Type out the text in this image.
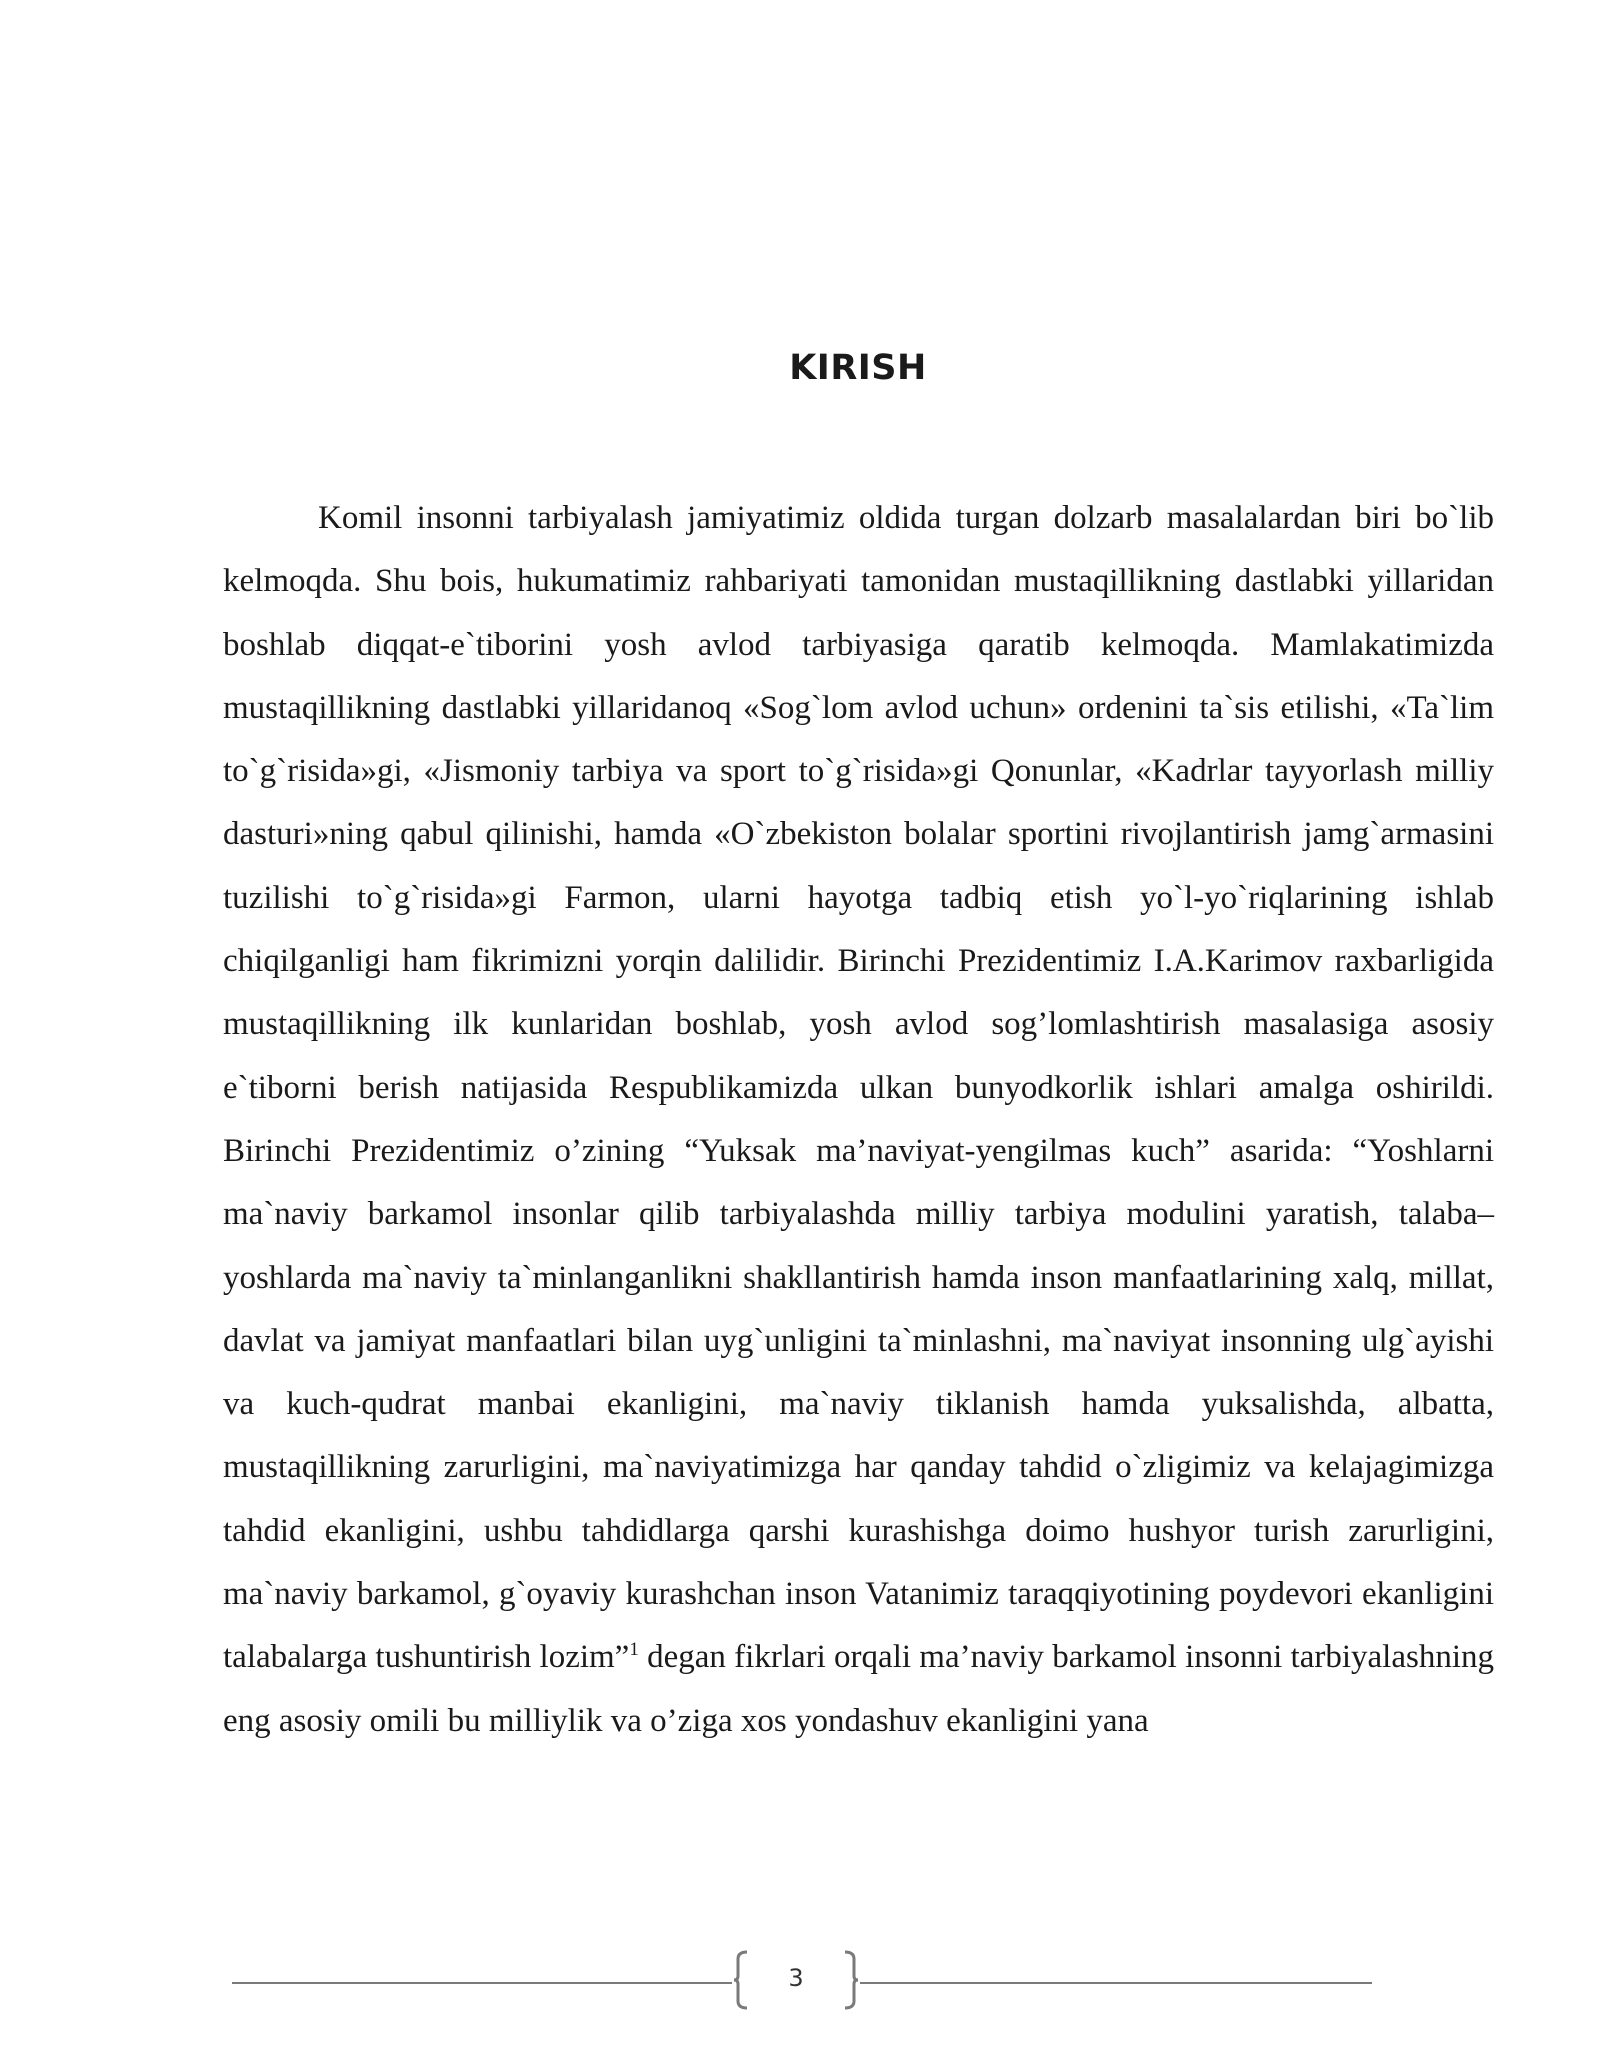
KIRISH

Komil insonni tarbiyalash jamiyatimiz oldida turgan dolzarb masalalardan biri bo`lib kelmoqda. Shu bois, hukumatimiz rahbariyati tamonidan mustaqillikning dastlabki yillaridan boshlab diqqat-e`tiborini yosh avlod tarbiyasiga qaratib kelmoqda. Mamlakatimizda mustaqillikning dastlabki yillaridanoq «Sog`lom avlod uchun» ordenini ta`sis etilishi, «Ta`lim to`g`risida»gi, «Jismoniy tarbiya va sport to`g`risida»gi Qonunlar, «Kadrlar tayyorlash milliy dasturi»ning qabul qilinishi, hamda «O`zbekiston bolalar sportini rivojlantirish jamg`armasini tuzilishi to`g`risida»gi Farmon, ularni hayotga tadbiq etish yo`l-yo`riqlarining ishlab chiqilganligi ham fikrimizni yorqin dalilidir. Birinchi Prezidentimiz I.A.Karimov raxbarligida mustaqillikning ilk kunlaridan boshlab, yosh avlod sog’lomlashtirish masalasiga asosiy e`tiborni berish natijasida Respublikamizda ulkan bunyodkorlik ishlari amalga oshirildi. Birinchi Prezidentimiz o’zining “Yuksak ma’naviyat-yengilmas kuch” asarida: “Yoshlarni ma`naviy barkamol insonlar qilib tarbiyalashda milliy tarbiya modulini yaratish, talaba–yoshlarda ma`naviy ta`minlanganlikni shakllantirish hamda inson manfaatlarining xalq, millat, davlat va jamiyat manfaatlari bilan uyg`unligini ta`minlashni, ma`naviyat insonning ulg`ayishi va kuch-qudrat manbai ekanligini, ma`naviy tiklanish hamda yuksalishda, albatta, mustaqillikning zarurligini, ma`naviyatimizga har qanday tahdid o`zligimiz va kelajagimizga tahdid ekanligini, ushbu tahdidlarga qarshi kurashishga doimo hushyor turish zarurligini, ma`naviy barkamol, g`oyaviy kurashchan inson Vatanimiz taraqqiyotining poydevori ekanligini talabalarga tushuntirish lozim”$^1$ degan fikrlari orqali ma’naviy barkamol insonni tarbiyalashning eng asosiy omili bu milliylik va o’ziga xos yondashuv ekanligini yana

3
